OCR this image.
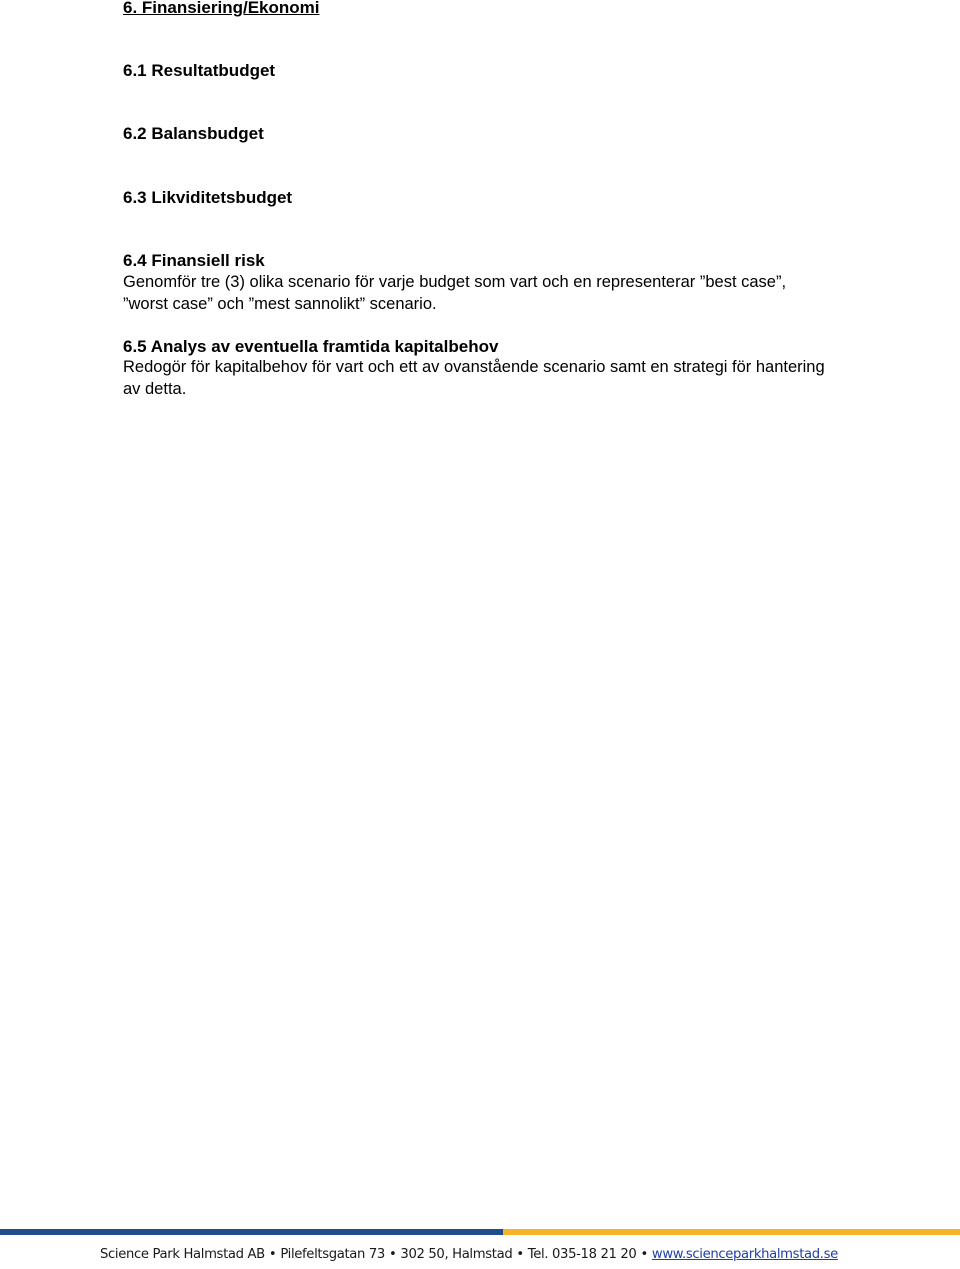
6. Finansiering/Ekonomi
6.1 Resultatbudget
6.2 Balansbudget
6.3 Likviditetsbudget
6.4 Finansiell risk
Genomför tre (3) olika scenario för varje budget som vart och en representerar ”best case”, ”worst case” och ”mest sannolikt” scenario.
6.5 Analys av eventuella framtida kapitalbehov
Redogör för kapitalbehov för vart och ett av ovanstående scenario samt en strategi för hantering av detta.
Science Park Halmstad AB • Pilefeltsgatan 73 • 302 50, Halmstad • Tel. 035-18 21 20 • www.scienceparkhalmstad.se
